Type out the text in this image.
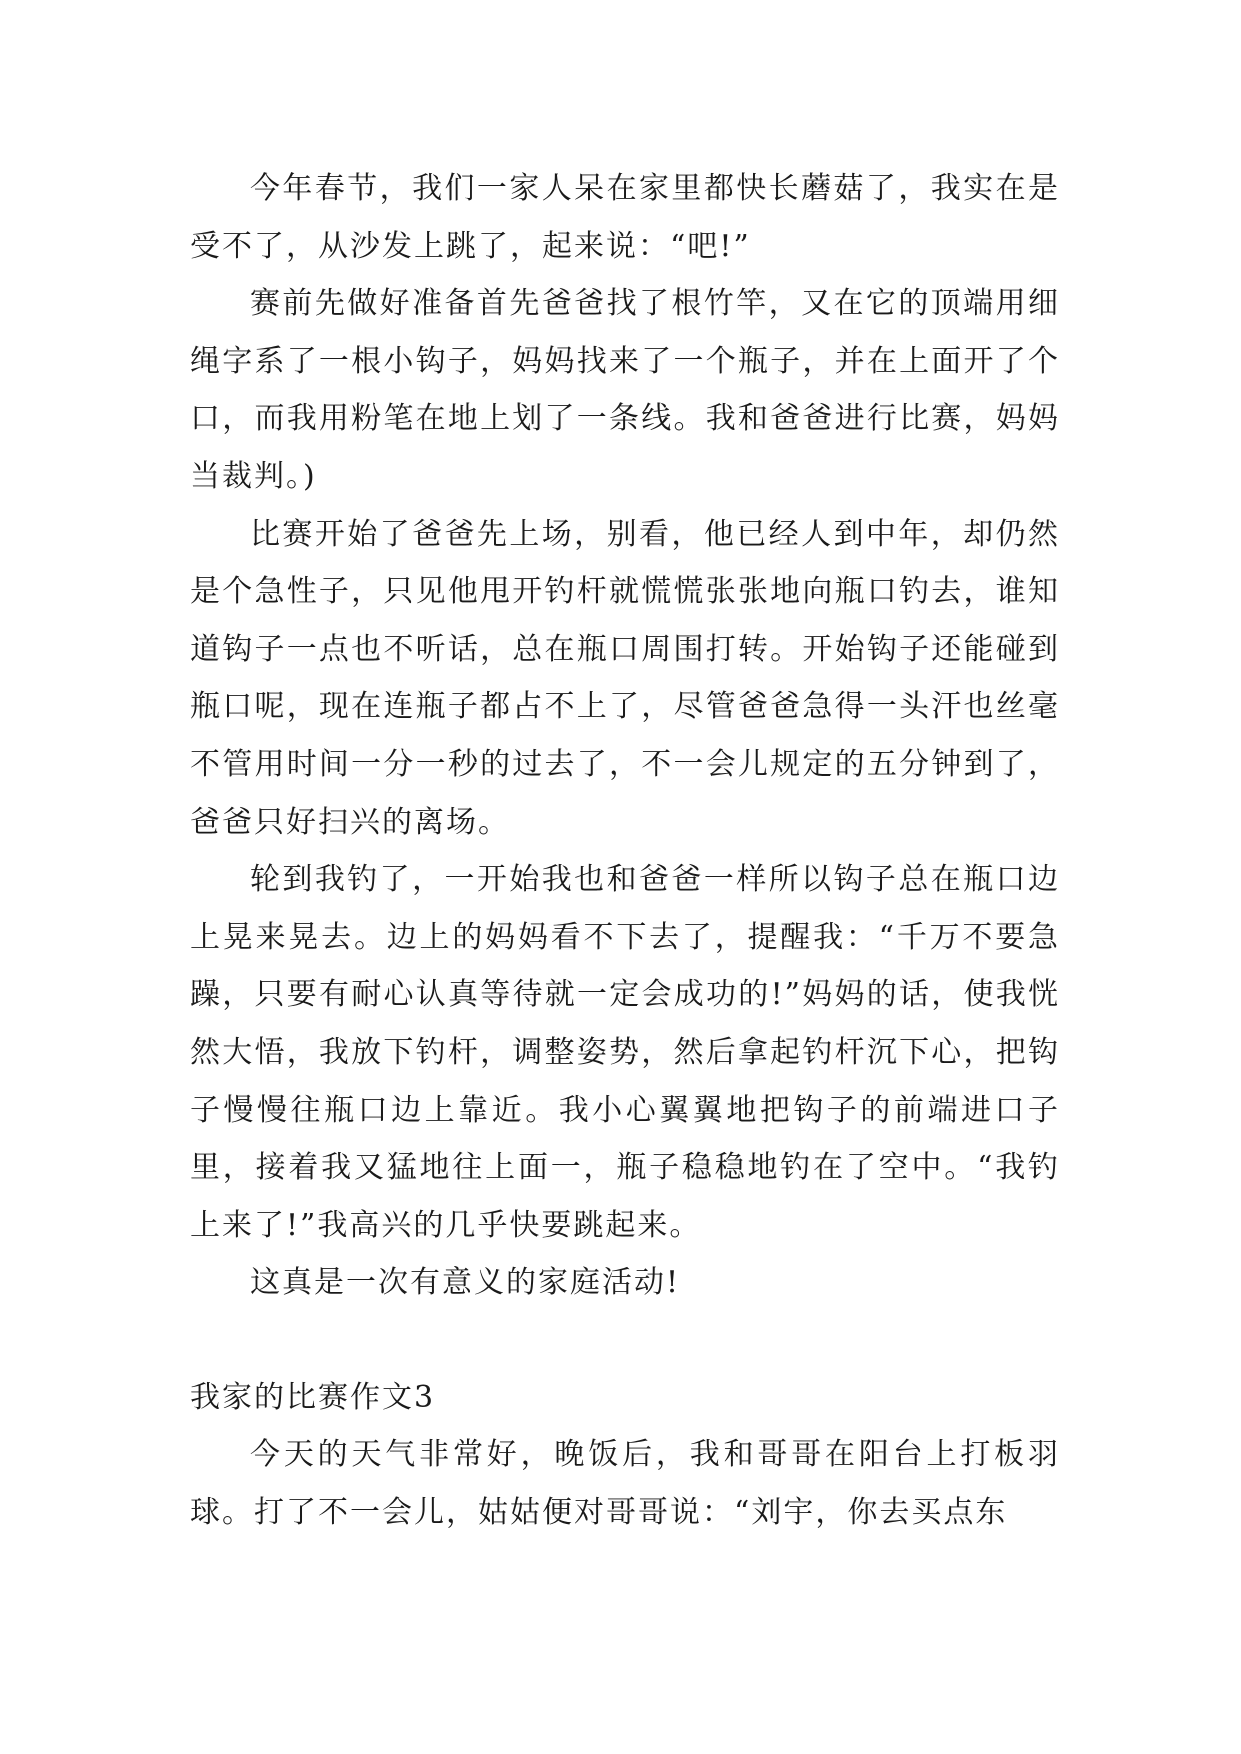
今年春节，我们一家人呆在家里都快长蘑菇了，我实在是受不了，从沙发上跳了，起来说：“吧!”

赛前先做好准备首先爸爸找了根竹竿，又在它的顶端用细绳字系了一根小钩子，妈妈找来了一个瓶子，并在上面开了个口，而我用粉笔在地上划了一条线。我和爸爸进行比赛，妈妈当裁判。)

比赛开始了爸爸先上场，别看，他已经人到中年，却仍然是个急性子，只见他甩开钓杆就慌慌张张地向瓶口钓去，谁知道钩子一点也不听话，总在瓶口周围打转。开始钩子还能碰到瓶口呢，现在连瓶子都占不上了，尽管爸爸急得一头汗也丝毫不管用时间一分一秒的过去了，不一会儿规定的五分钟到了，爸爸只好扫兴的离场。

轮到我钓了，一开始我也和爸爸一样所以钩子总在瓶口边上晃来晃去。边上的妈妈看不下去了，提醒我：“千万不要急躁，只要有耐心认真等待就一定会成功的!”妈妈的话，使我恍然大悟，我放下钓杆，调整姿势，然后拿起钓杆沉下心，把钩子慢慢往瓶口边上靠近。我小心翼翼地把钩子的前端进口子里，接着我又猛地往上面一，瓶子稳稳地钓在了空中。“我钓上来了!”我高兴的几乎快要跳起来。

这真是一次有意义的家庭活动!

我家的比赛作文3

今天的天气非常好，晚饭后，我和哥哥在阳台上打板羽球。打了不一会儿，姑姑便对哥哥说：“刘宇，你去买点东
